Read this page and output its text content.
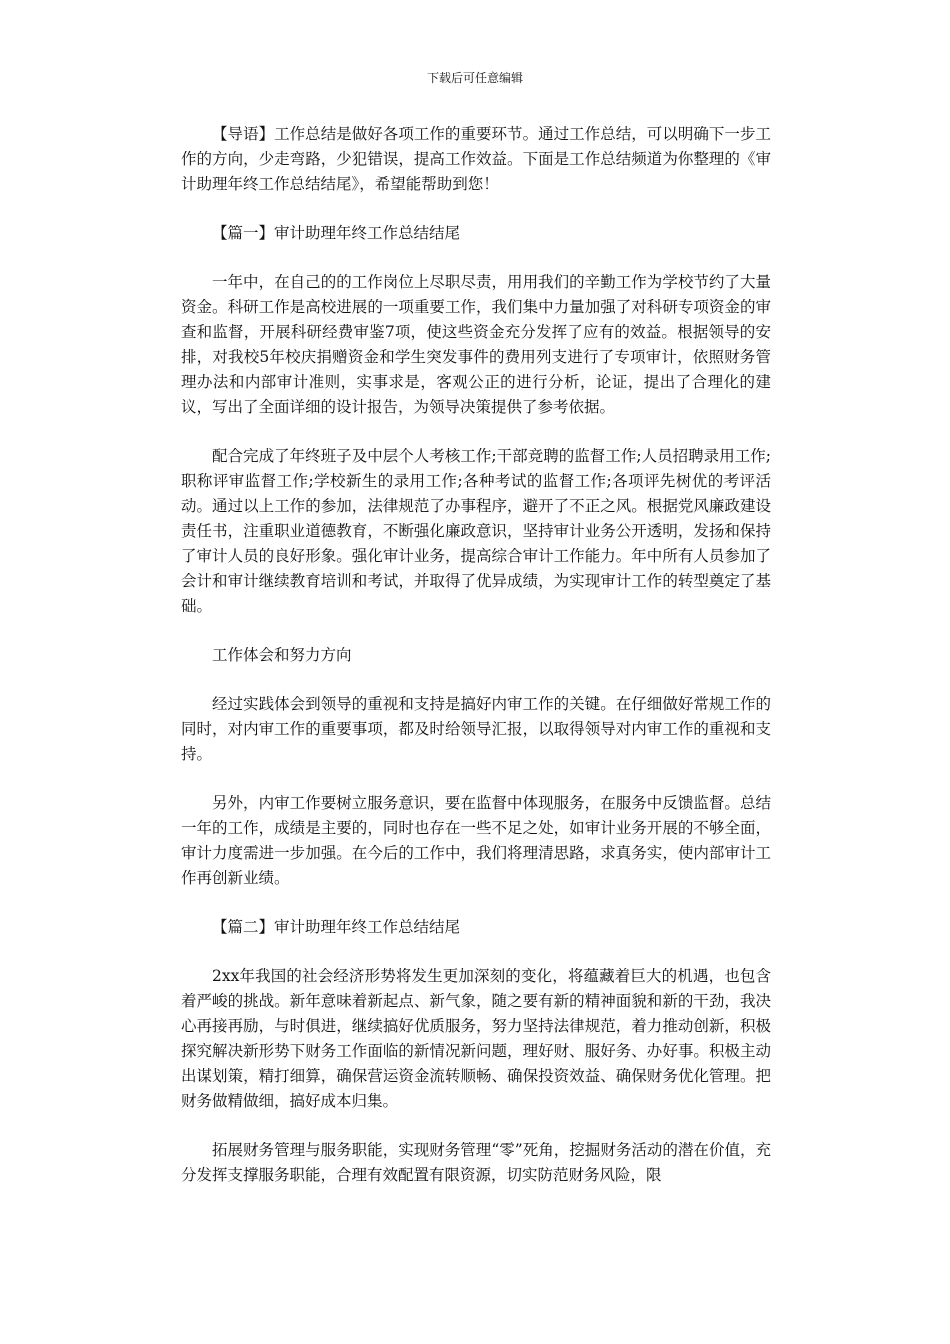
下载后可任意编辑

【导语】工作总结是做好各项工作的重要环节。通过工作总结，可以明确下一步工作的方向，少走弯路，少犯错误，提高工作效益。下面是工作总结频道为你整理的《审计助理年终工作总结结尾》，希望能帮助到您！

【篇一】审计助理年终工作总结结尾

一年中，在自己的的工作岗位上尽职尽责，用用我们的辛勤工作为学校节约了大量资金。科研工作是高校进展的一项重要工作，我们集中力量加强了对科研专项资金的审查和监督，开展科研经费审鉴7项，使这些资金充分发挥了应有的效益。根据领导的安排，对我校5年校庆捐赠资金和学生突发事件的费用列支进行了专项审计，依照财务管理办法和内部审计准则，实事求是，客观公正的进行分析，论证，提出了合理化的建议，写出了全面详细的设计报告，为领导决策提供了参考依据。

配合完成了年终班子及中层个人考核工作;干部竞聘的监督工作;人员招聘录用工作;职称评审监督工作;学校新生的录用工作;各种考试的监督工作;各项评先树优的考评活动。通过以上工作的参加，法律规范了办事程序，避开了不正之风。根据党风廉政建设责任书，注重职业道德教育，不断强化廉政意识，坚持审计业务公开透明，发扬和保持了审计人员的良好形象。强化审计业务，提高综合审计工作能力。年中所有人员参加了会计和审计继续教育培训和考试，并取得了优异成绩，为实现审计工作的转型奠定了基础。

工作体会和努力方向

经过实践体会到领导的重视和支持是搞好内审工作的关键。在仔细做好常规工作的同时，对内审工作的重要事项，都及时给领导汇报，以取得领导对内审工作的重视和支持。

另外，内审工作要树立服务意识，要在监督中体现服务，在服务中反馈监督。总结一年的工作，成绩是主要的，同时也存在一些不足之处，如审计业务开展的不够全面，审计力度需进一步加强。在今后的工作中，我们将理清思路，求真务实，使内部审计工作再创新业绩。

【篇二】审计助理年终工作总结结尾

2xx年我国的社会经济形势将发生更加深刻的变化，将蕴藏着巨大的机遇，也包含着严峻的挑战。新年意味着新起点、新气象，随之要有新的精神面貌和新的干劲，我决心再接再励，与时俱进，继续搞好优质服务，努力坚持法律规范，着力推动创新，积极探究解决新形势下财务工作面临的新情况新问题，理好财、服好务、办好事。积极主动出谋划策，精打细算，确保营运资金流转顺畅、确保投资效益、确保财务优化管理。把财务做精做细，搞好成本归集。

拓展财务管理与服务职能，实现财务管理“零”死角，挖掘财务活动的潜在价值，充分发挥支撑服务职能，合理有效配置有限资源，切实防范财务风险，限
